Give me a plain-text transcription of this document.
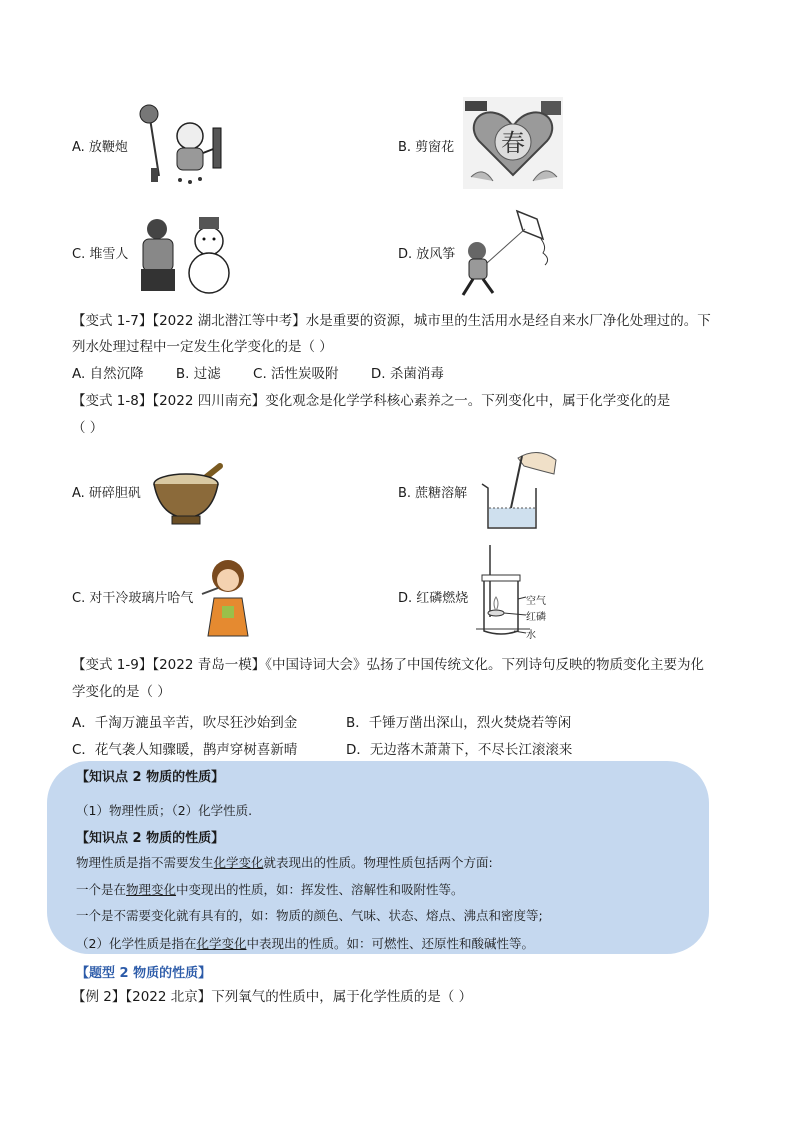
A. 放鞭炮	B. 剪窗花 春
C. 堆雪人	D. 放风筝
【变式 1-7】【2022 湖北潜江等中考】水是重要的资源，城市里的生活用水是经自来水厂净化处理过的。下
列水处理过程中一定发生化学变化的是（ ）
A. 自然沉降 B. 过滤 C. 活性炭吸附 D. 杀菌消毒
【变式 1-8】【2022 四川南充】变化观念是化学学科核心素养之一。下列变化中，属于化学变化的是
（ ）
A. 研碎胆矾	B. 蔗糖溶解
C. 对干冷玻璃片哈气	D. 红磷燃烧	空气
红磷
水
【变式 1-9】【2022 青岛一模】《中国诗词大会》弘扬了中国传统文化。下列诗句反映的物质变化主要为化
学变化的是（ ）
A．千淘万漉虽辛苦，吹尽狂沙始到金	B．千锤万凿出深山，烈火焚烧若等闲
C．花气袭人知骤暖，鹊声穿树喜新晴	D．无边落木萧萧下，不尽长江滚滚来
【知识点 2 物质的性质】
（1）物理性质；（2）化学性质.
【知识点 2 物质的性质】
物理性质是指不需要发生化学变化就表现出的性质。物理性质包括两个方面:
一个是在物理变化中变现出的性质，如：挥发性、溶解性和吸附性等。
一个是不需要变化就有具有的，如：物质的颜色、气味、状态、熔点、沸点和密度等;
（2）化学性质是指在化学变化中表现出的性质。如：可燃性、还原性和酸碱性等。
【题型 2 物质的性质】
【例 2】【2022 北京】下列氧气的性质中，属于化学性质的是（ ）
